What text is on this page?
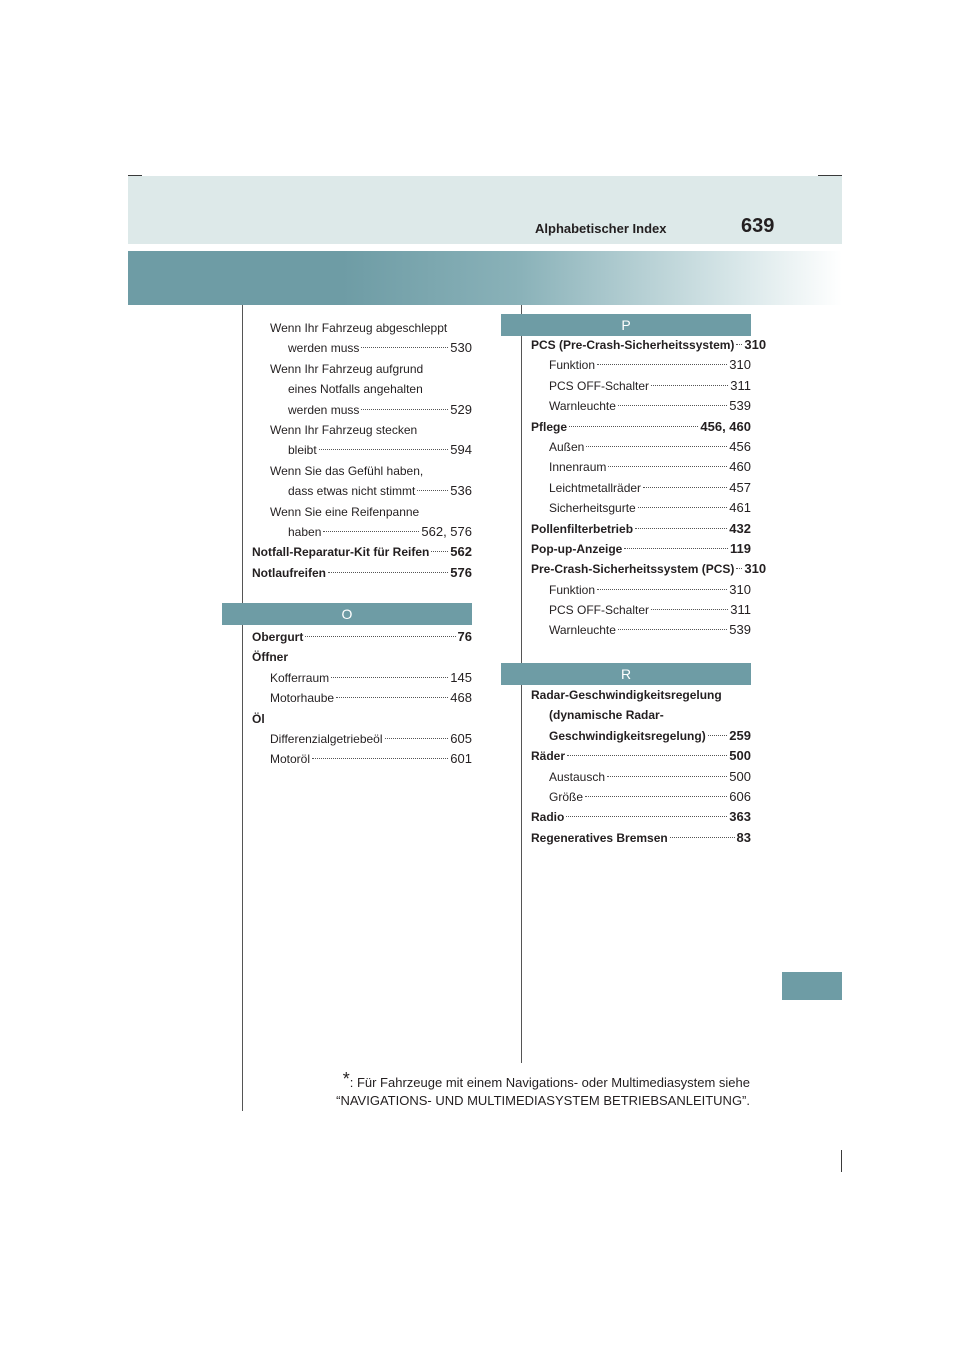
Alphabetischer Index	639
Wenn Ihr Fahrzeug abgeschleppt
werden muss	530
Wenn Ihr Fahrzeug aufgrund
eines Notfalls angehalten
werden muss	529
Wenn Ihr Fahrzeug stecken
bleibt	594
Wenn Sie das Gefühl haben,
dass etwas nicht stimmt	536
Wenn Sie eine Reifenpanne
haben	562, 576
Notfall-Reparatur-Kit für Reifen 562
Notlaufreifen	576
O
Obergurt	76
Öffner
Kofferraum	145
Motorhaube	468
Öl
Differenzialgetriebeöl	605
Motoröl	601
P
PCS (Pre-Crash-Sicherheitssystem) 310
Funktion	310
PCS OFF-Schalter	311
Warnleuchte	539
Pflege	456, 460
Außen	456
Innenraum	460
Leichtmetallräder	457
Sicherheitsgurte	461
Pollenfilterbetrieb	432
Pop-up-Anzeige	119
Pre-Crash-Sicherheitssystem (PCS) 310
Funktion	310
PCS OFF-Schalter	311
Warnleuchte	539
R
Radar-Geschwindigkeitsregelung
(dynamische Radar-
Geschwindigkeitsregelung) 259
Räder	500
Austausch	500
Größe	606
Radio	363
Regeneratives Bremsen	83
*: Für Fahrzeuge mit einem Navigations- oder Multimediasystem siehe
“NAVIGATIONS- UND MULTIMEDIASYSTEM BETRIEBSANLEITUNG”.
